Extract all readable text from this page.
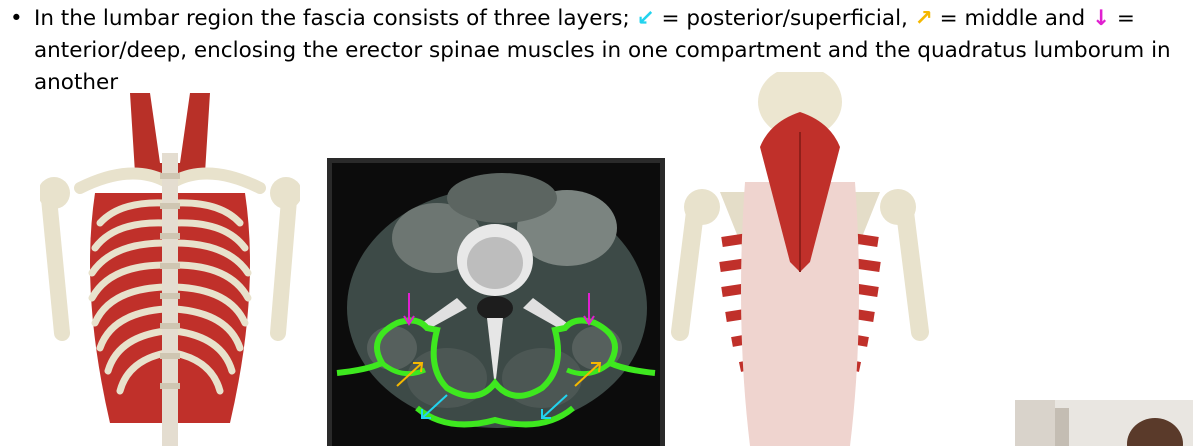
• In the lumbar region the fascia consists of three layers; ↙ = posterior/superficial, ↗ = middle and ↓ = anterior/deep, enclosing the erector spinae muscles in one compartment and the quadratus lumborum in another
